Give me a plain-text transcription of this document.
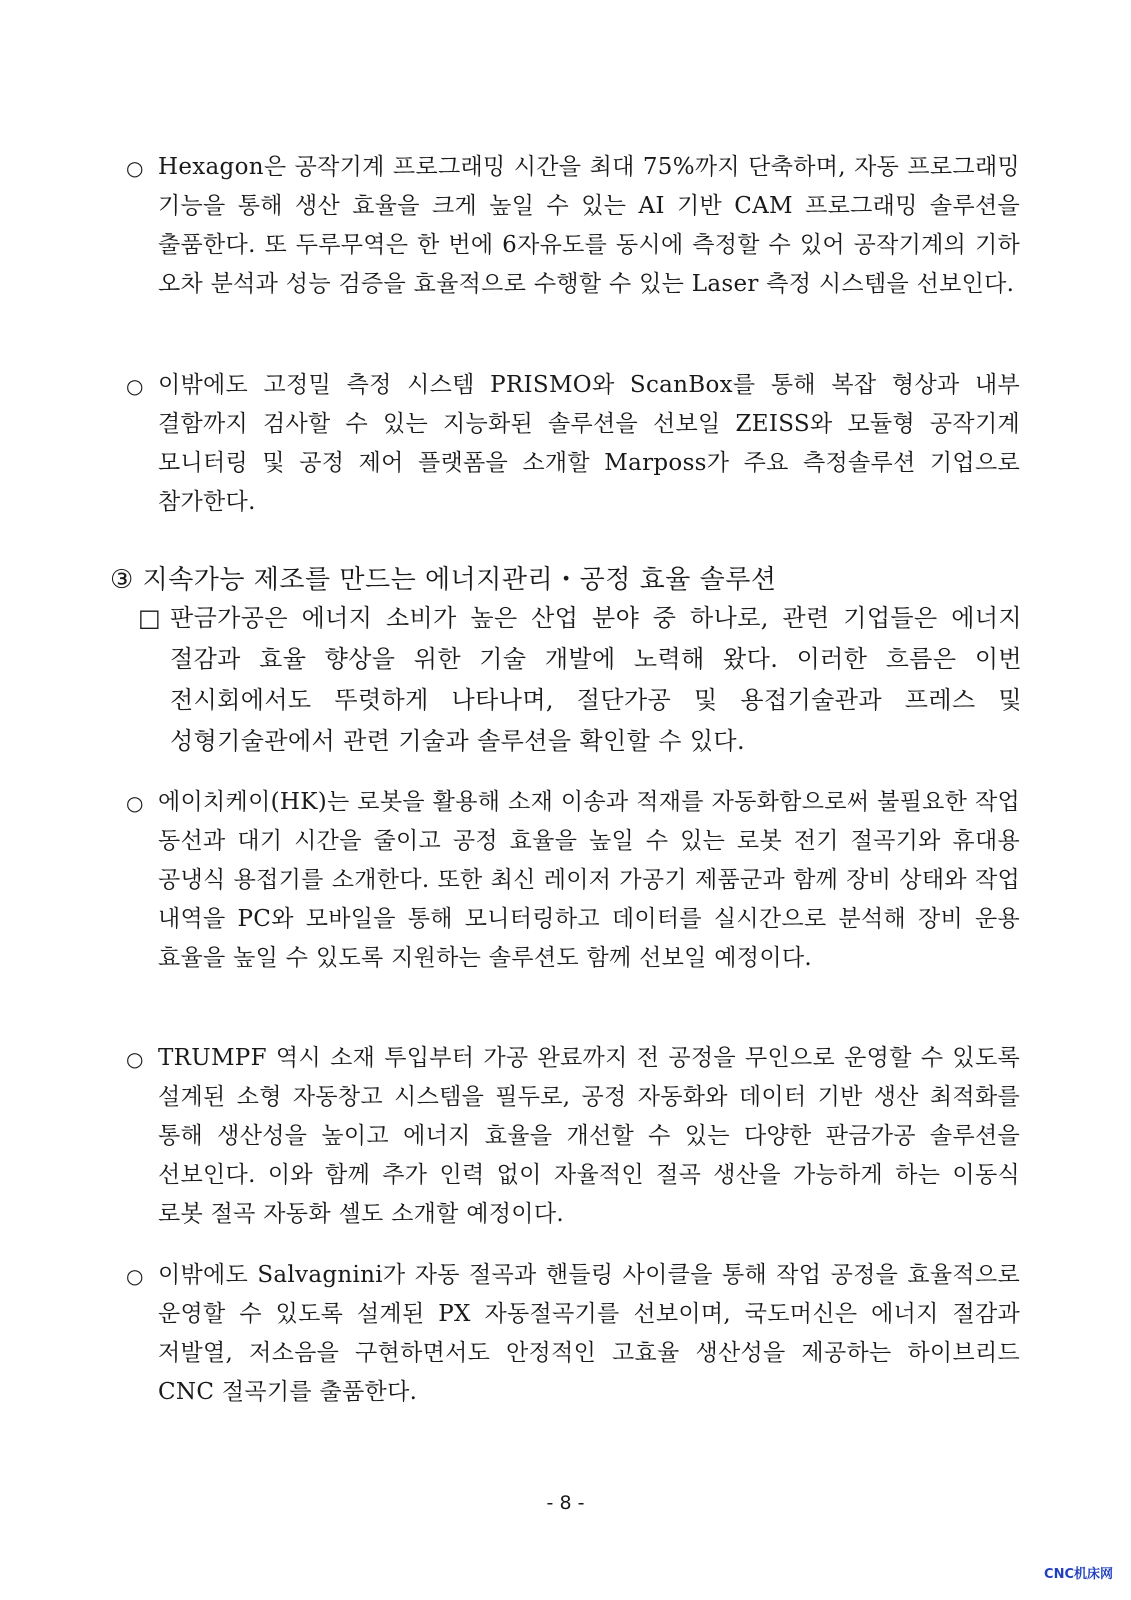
○ Hexagon은 공작기계 프로그래밍 시간을 최대 75%까지 단축하며, 자동 프로그래밍 기능을 통해 생산 효율을 크게 높일 수 있는 AI 기반 CAM 프로그래밍 솔루션을 출품한다. 또 두루무역은 한 번에 6자유도를 동시에 측정할 수 있어 공작기계의 기하 오차 분석과 성능 검증을 효율적으로 수행할 수 있는 Laser 측정 시스템을 선보인다.
○ 이밖에도 고정밀 측정 시스템 PRISMO와 ScanBox를 통해 복잡 형상과 내부 결함까지 검사할 수 있는 지능화된 솔루션을 선보일 ZEISS와 모듈형 공작기계 모니터링 및 공정 제어 플랫폼을 소개할 Marposs가 주요 측정솔루션 기업으로 참가한다.
③ 지속가능 제조를 만드는 에너지관리・공정 효율 솔루션
□ 판금가공은 에너지 소비가 높은 산업 분야 중 하나로, 관련 기업들은 에너지 절감과 효율 향상을 위한 기술 개발에 노력해 왔다. 이러한 흐름은 이번 전시회에서도 뚜렷하게 나타나며, 절단가공 및 용접기술관과 프레스 및 성형기술관에서 관련 기술과 솔루션을 확인할 수 있다.
○ 에이치케이(HK)는 로봇을 활용해 소재 이송과 적재를 자동화함으로써 불필요한 작업 동선과 대기 시간을 줄이고 공정 효율을 높일 수 있는 로봇 전기 절곡기와 휴대용 공냉식 용접기를 소개한다. 또한 최신 레이저 가공기 제품군과 함께 장비 상태와 작업 내역을 PC와 모바일을 통해 모니터링하고 데이터를 실시간으로 분석해 장비 운용 효율을 높일 수 있도록 지원하는 솔루션도 함께 선보일 예정이다.
○ TRUMPF 역시 소재 투입부터 가공 완료까지 전 공정을 무인으로 운영할 수 있도록 설계된 소형 자동창고 시스템을 필두로, 공정 자동화와 데이터 기반 생산 최적화를 통해 생산성을 높이고 에너지 효율을 개선할 수 있는 다양한 판금가공 솔루션을 선보인다. 이와 함께 추가 인력 없이 자율적인 절곡 생산을 가능하게 하는 이동식 로봇 절곡 자동화 셀도 소개할 예정이다.
○ 이밖에도 Salvagnini가 자동 절곡과 핸들링 사이클을 통해 작업 공정을 효율적으로 운영할 수 있도록 설계된 PX 자동절곡기를 선보이며, 국도머신은 에너지 절감과 저발열, 저소음을 구현하면서도 안정적인 고효율 생산성을 제공하는 하이브리드 CNC 절곡기를 출품한다.
- 8 -
CNC机床网
